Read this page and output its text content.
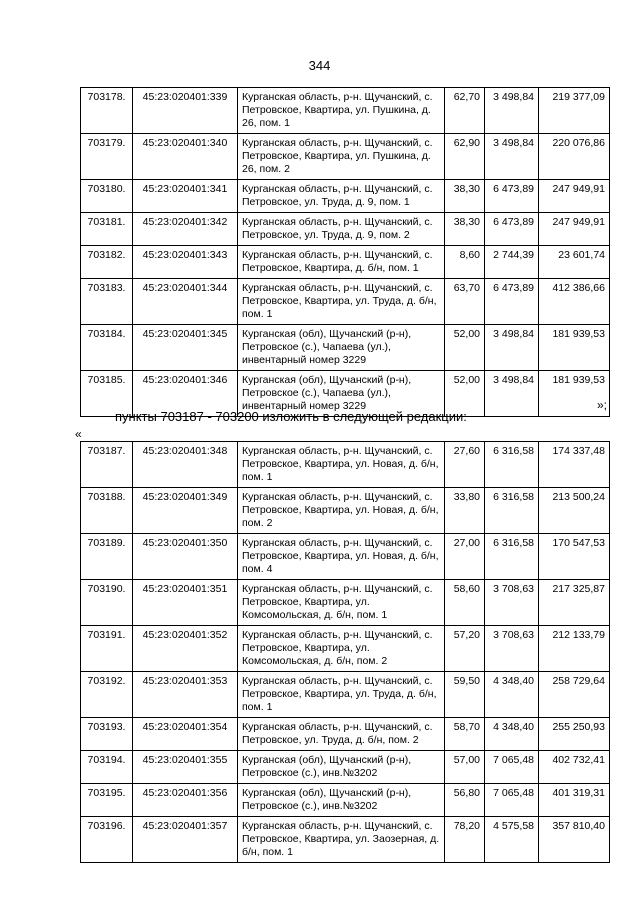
344
703178.	45:23:020401:339	Курганская область, р-н. Щучанский, с. Петровское, Квартира, ул. Пушкина, д. 26, пом. 1	62,70	3 498,84	219 377,09
703179.	45:23:020401:340	Курганская область, р-н. Щучанский, с. Петровское, Квартира, ул. Пушкина, д. 26, пом. 2	62,90	3 498,84	220 076,86
703180.	45:23:020401:341	Курганская область, р-н. Щучанский, с. Петровское, ул. Труда, д. 9, пом. 1	38,30	6 473,89	247 949,91
703181.	45:23:020401:342	Курганская область, р-н. Щучанский, с. Петровское, ул. Труда, д. 9, пом. 2	38,30	6 473,89	247 949,91
703182.	45:23:020401:343	Курганская область, р-н. Щучанский, с. Петровское, Квартира, д. б/н, пом. 1	8,60	2 744,39	23 601,74
703183.	45:23:020401:344	Курганская область, р-н. Щучанский, с. Петровское, Квартира, ул. Труда, д. б/н, пом. 1	63,70	6 473,89	412 386,66
703184.	45:23:020401:345	Курганская (обл), Щучанский (р-н), Петровское (с.), Чапаева (ул.), инвентарный номер 3229	52,00	3 498,84	181 939,53
703185.	45:23:020401:346	Курганская (обл), Щучанский (р-н), Петровское (с.), Чапаева (ул.), инвентарный номер 3229	52,00	3 498,84	181 939,53
»;
пункты 703187 - 703200 изложить в следующей редакции:
«
703187.	45:23:020401:348	Курганская область, р-н. Щучанский, с. Петровское, Квартира, ул. Новая, д. б/н, пом. 1	27,60	6 316,58	174 337,48
703188.	45:23:020401:349	Курганская область, р-н. Щучанский, с. Петровское, Квартира, ул. Новая, д. б/н, пом. 2	33,80	6 316,58	213 500,24
703189.	45:23:020401:350	Курганская область, р-н. Щучанский, с. Петровское, Квартира, ул. Новая, д. б/н, пом. 4	27,00	6 316,58	170 547,53
703190.	45:23:020401:351	Курганская область, р-н. Щучанский, с. Петровское, Квартира, ул. Комсомольская, д. б/н, пом. 1	58,60	3 708,63	217 325,87
703191.	45:23:020401:352	Курганская область, р-н. Щучанский, с. Петровское, Квартира, ул. Комсомольская, д. б/н, пом. 2	57,20	3 708,63	212 133,79
703192.	45:23:020401:353	Курганская область, р-н. Щучанский, с. Петровское, Квартира, ул. Труда, д. б/н, пом. 1	59,50	4 348,40	258 729,64
703193.	45:23:020401:354	Курганская область, р-н. Щучанский, с. Петровское, ул. Труда, д. б/н, пом. 2	58,70	4 348,40	255 250,93
703194.	45:23:020401:355	Курганская (обл), Щучанский (р-н), Петровское (с.), инв.№3202	57,00	7 065,48	402 732,41
703195.	45:23:020401:356	Курганская (обл), Щучанский (р-н), Петровское (с.), инв.№3202	56,80	7 065,48	401 319,31
703196.	45:23:020401:357	Курганская область, р-н. Щучанский, с. Петровское, Квартира, ул. Заозерная, д. б/н, пом. 1	78,20	4 575,58	357 810,40
